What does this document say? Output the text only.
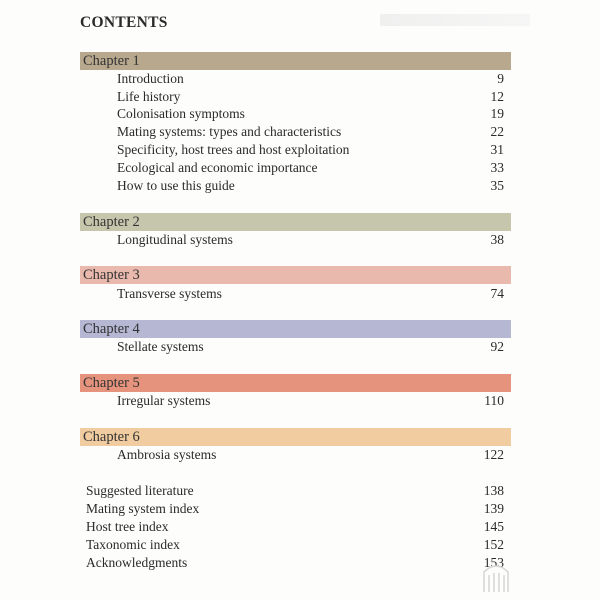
CONTENTS
Chapter 1
Introduction	9
Life history	12
Colonisation symptoms	19
Mating systems: types and characteristics	22
Specificity, host trees and host exploitation	31
Ecological and economic importance	33
How to use this guide	35
Chapter 2
Longitudinal systems	38
Chapter 3
Transverse systems	74
Chapter 4
Stellate systems	92
Chapter 5
Irregular systems	110
Chapter 6
Ambrosia systems	122
Suggested literature	138
Mating system index	139
Host tree index	145
Taxonomic index	152
Acknowledgments	153
